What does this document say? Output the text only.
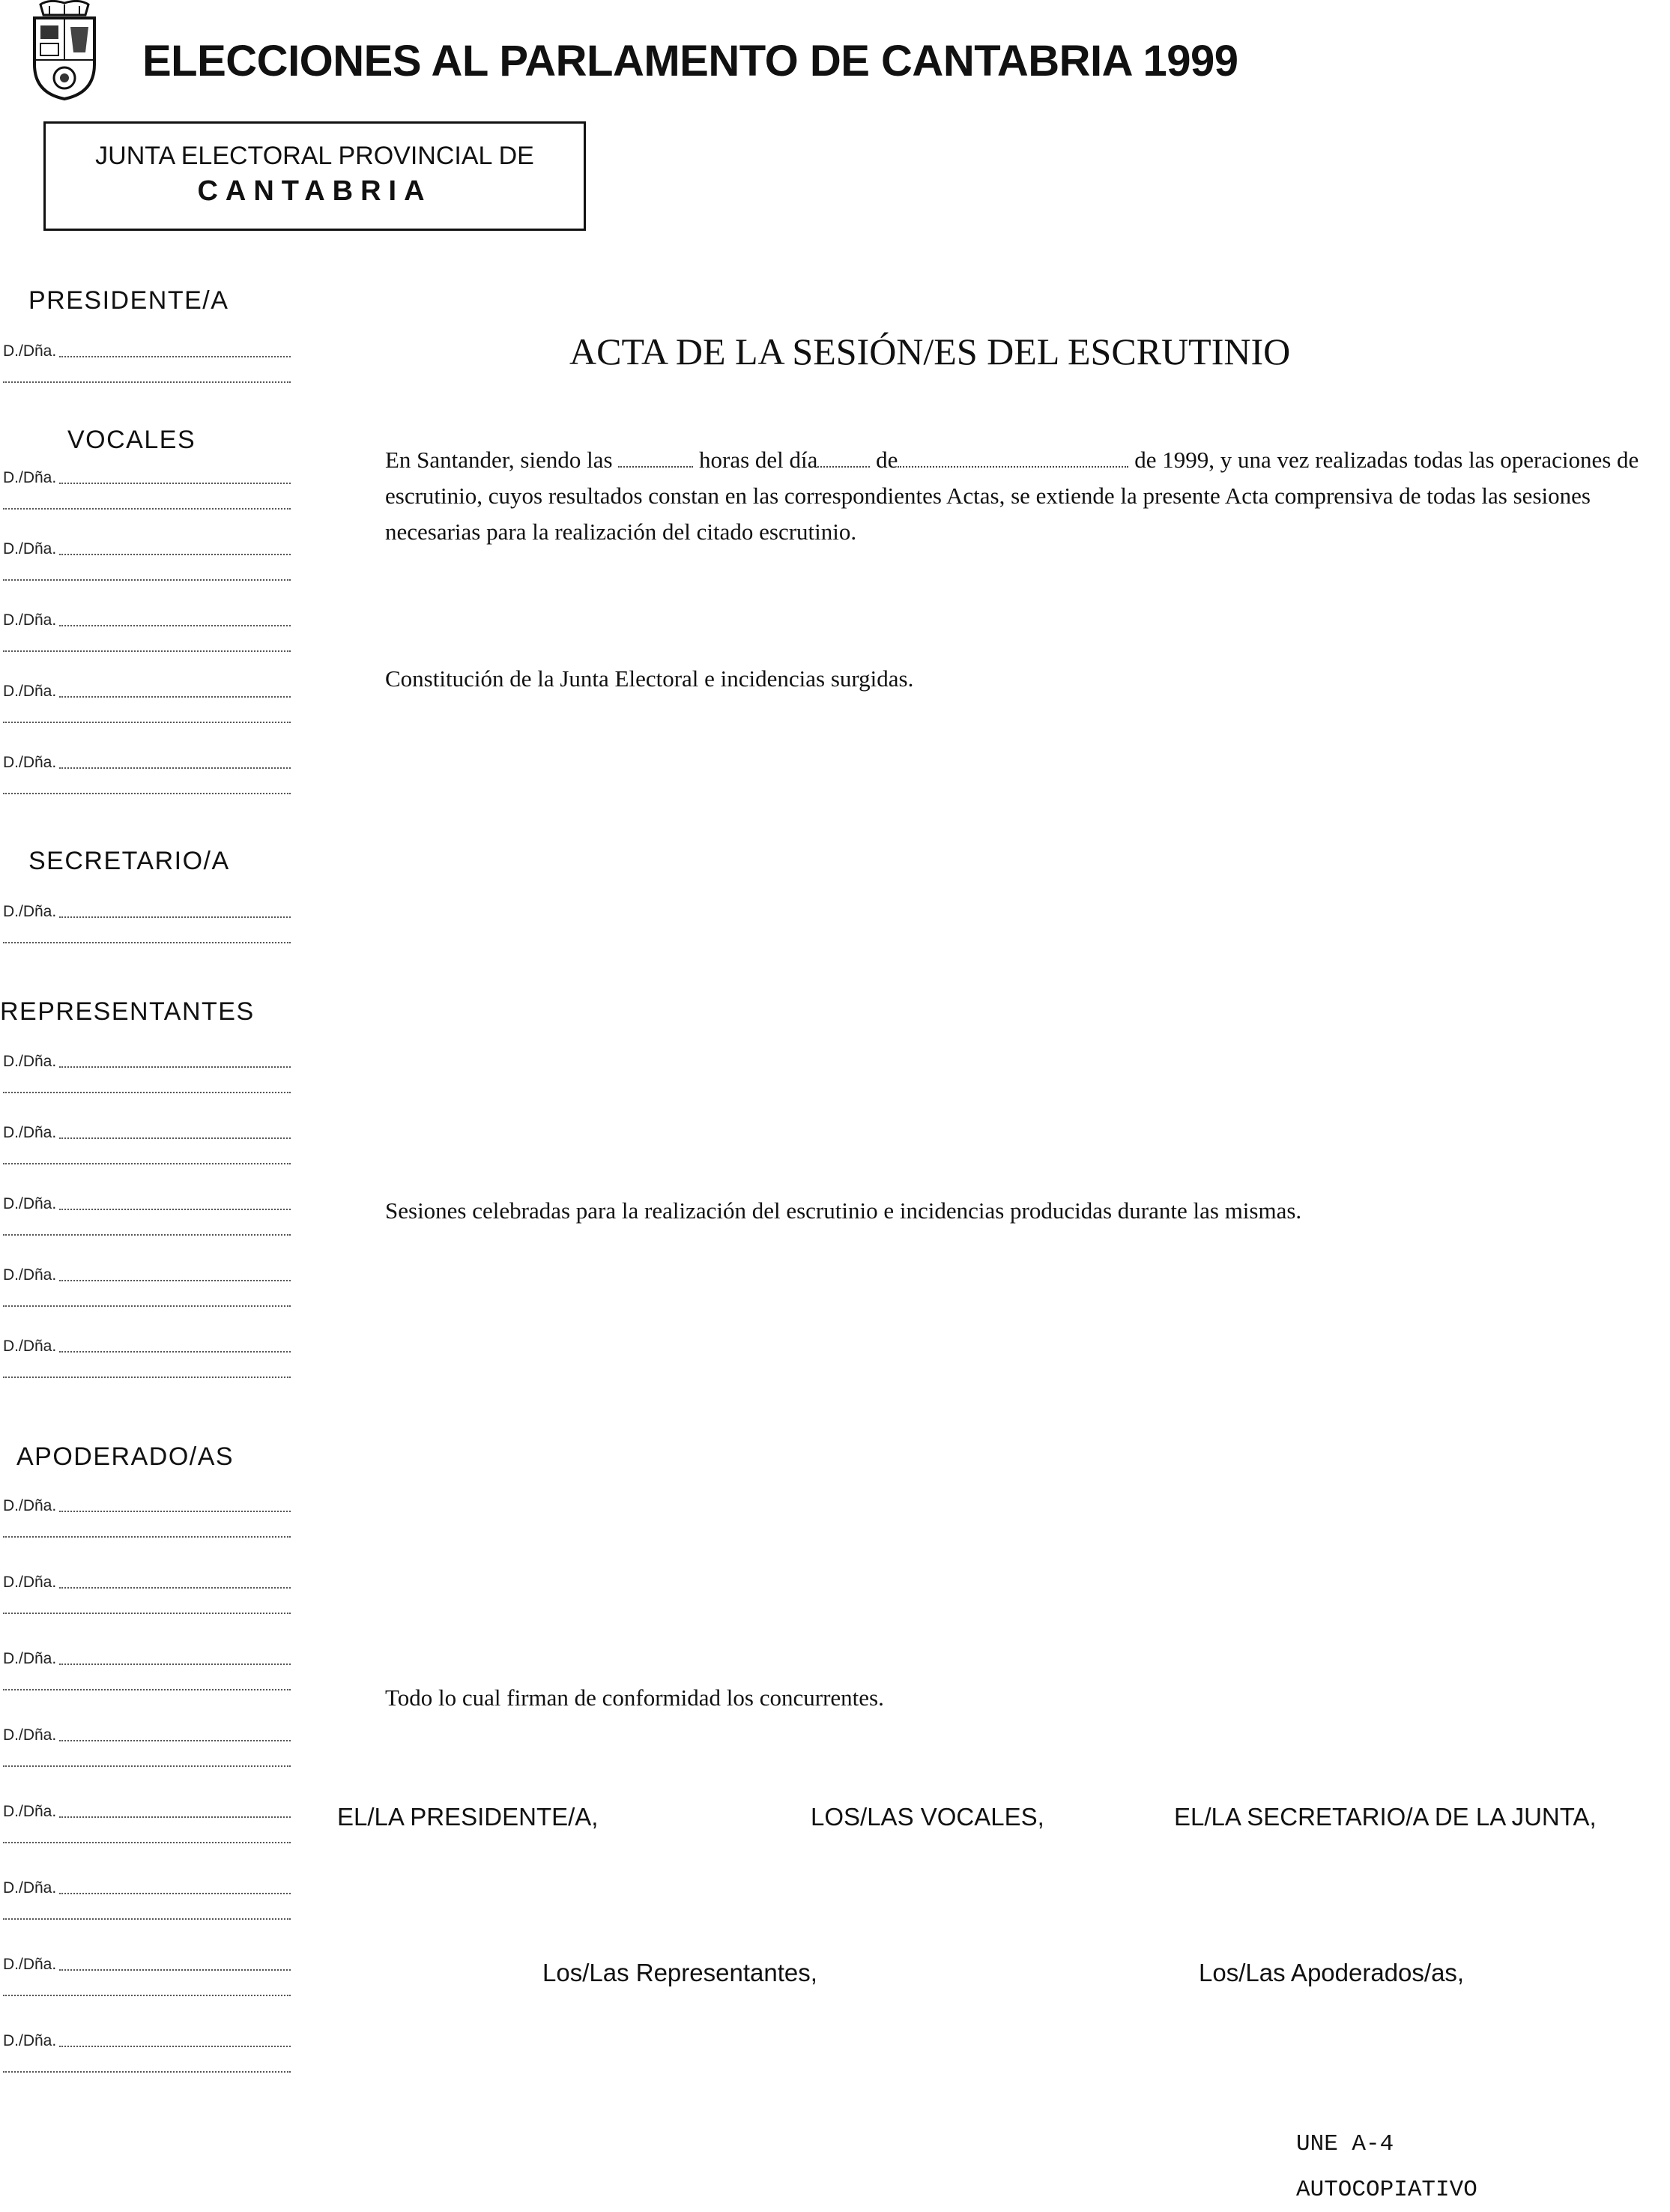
ELECCIONES AL PARLAMENTO DE CANTABRIA 1999
JUNTA ELECTORAL PROVINCIAL DE
CANTABRIA
PRESIDENTE/A
D./Dña.
VOCALES
D./Dña.
D./Dña.
D./Dña.
D./Dña.
D./Dña.
SECRETARIO/A
D./Dña.
REPRESENTANTES
D./Dña.
D./Dña.
D./Dña.
D./Dña.
D./Dña.
APODERADO/AS
D./Dña.
D./Dña.
D./Dña.
D./Dña.
D./Dña.
D./Dña.
D./Dña.
D./Dña.
ACTA DE LA SESIÓN/ES DEL ESCRUTINIO
En Santander, siendo las	horas del día	de	de 1999, y una vez realizadas todas las operaciones de escrutinio, cuyos resultados constan en las correspondientes Actas, se extiende la presente Acta comprensiva de todas las sesiones necesarias para la realización del citado escrutinio.
Constitución de la Junta Electoral e incidencias surgidas.
Sesiones celebradas para la realización del escrutinio e incidencias producidas durante las mismas.
Todo lo cual firman de conformidad los concurrentes.
EL/LA PRESIDENTE/A,	LOS/LAS VOCALES,	EL/LA SECRETARIO/A DE LA JUNTA,
Los/Las Representantes,	Los/Las Apoderados/as,
UNE A-4
AUTOCOPIATIVO
